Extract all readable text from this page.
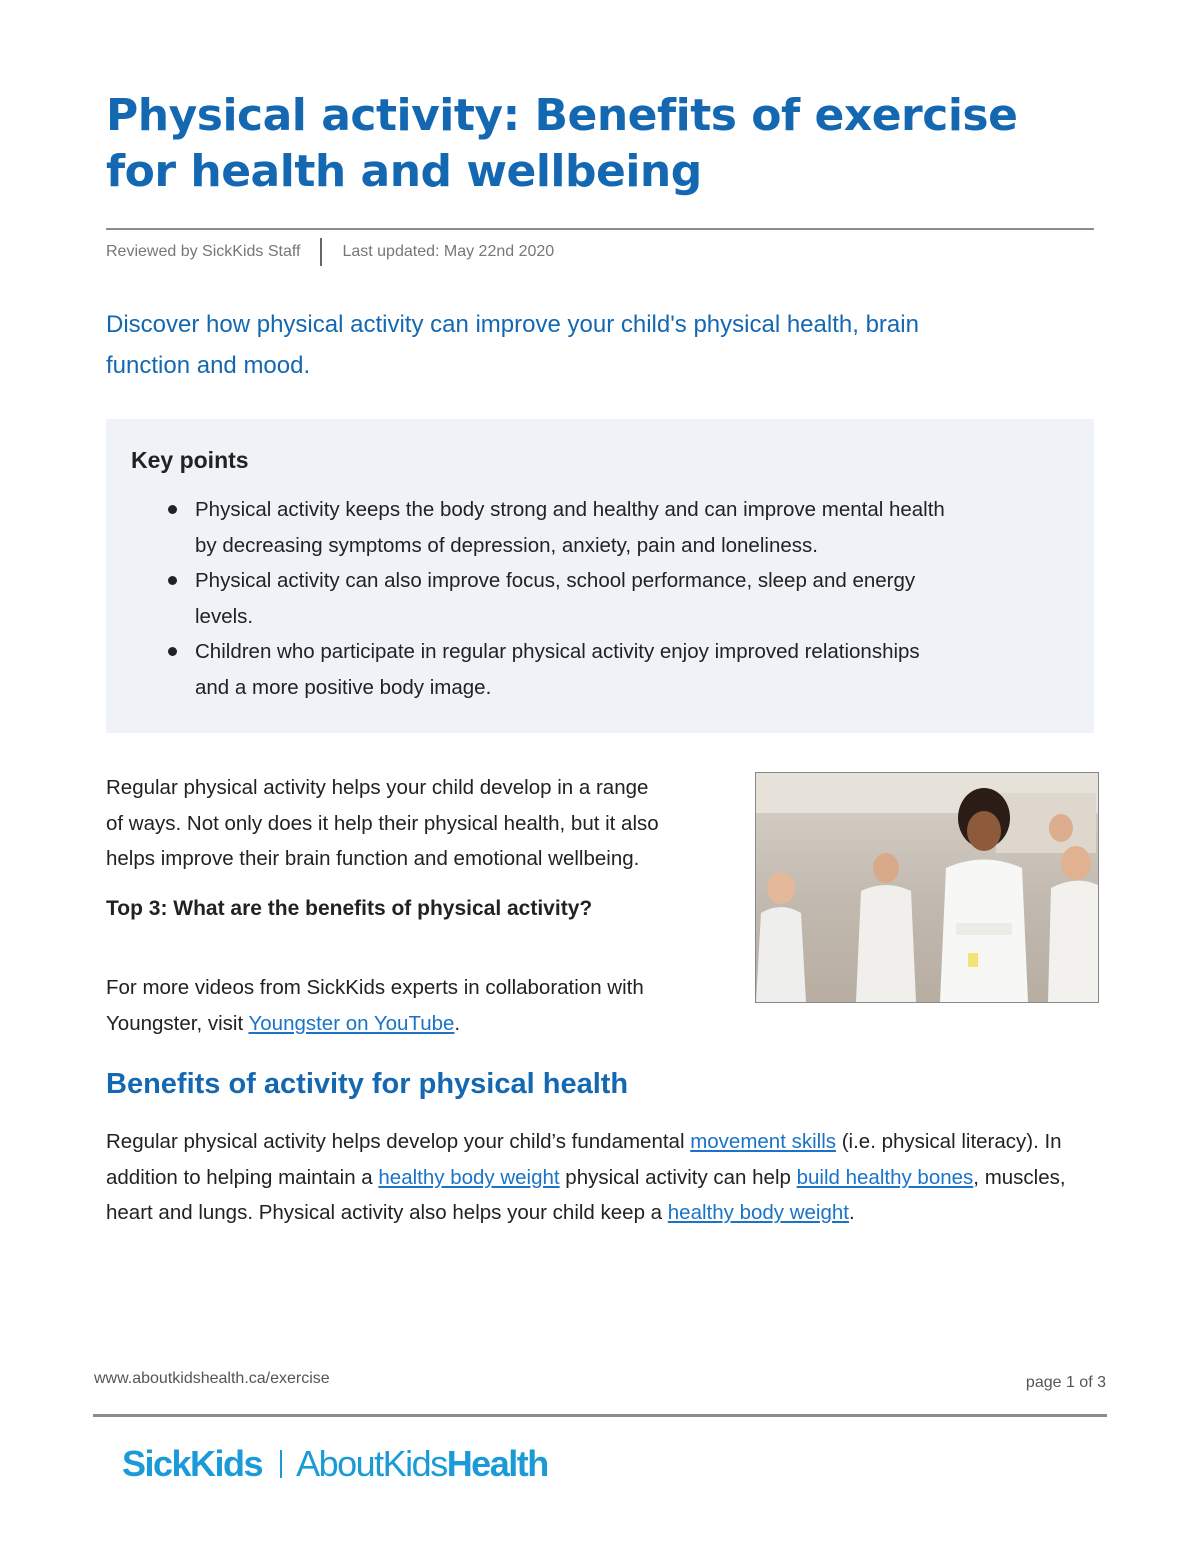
Physical activity: Benefits of exercise
for health and wellbeing
Reviewed by SickKids Staff	Last updated: May 22nd 2020

Discover how physical activity can improve your child's physical health, brain
function and mood.

Key points
Physical activity keeps the body strong and healthy and can improve mental health
by decreasing symptoms of depression, anxiety, pain and loneliness.
Physical activity can also improve focus, school performance, sleep and energy
levels.
Children who participate in regular physical activity enjoy improved relationships
and a more positive body image.

Regular physical activity helps your child develop in a range
of ways. Not only does it help their physical health, but it also
helps improve their brain function and emotional wellbeing.

Top 3: What are the benefits of physical activity?

For more videos from SickKids experts in collaboration with
Youngster, visit Youngster on YouTube.

Benefits of activity for physical health

Regular physical activity helps develop your child’s fundamental movement skills (i.e. physical literacy). In addition to helping maintain a healthy body weight physical activity can help build healthy bones, muscles, heart and lungs. Physical activity also helps your child keep a healthy body weight.

www.aboutkidshealth.ca/exercise	page 1 of 3
SickKids AboutKids Health
